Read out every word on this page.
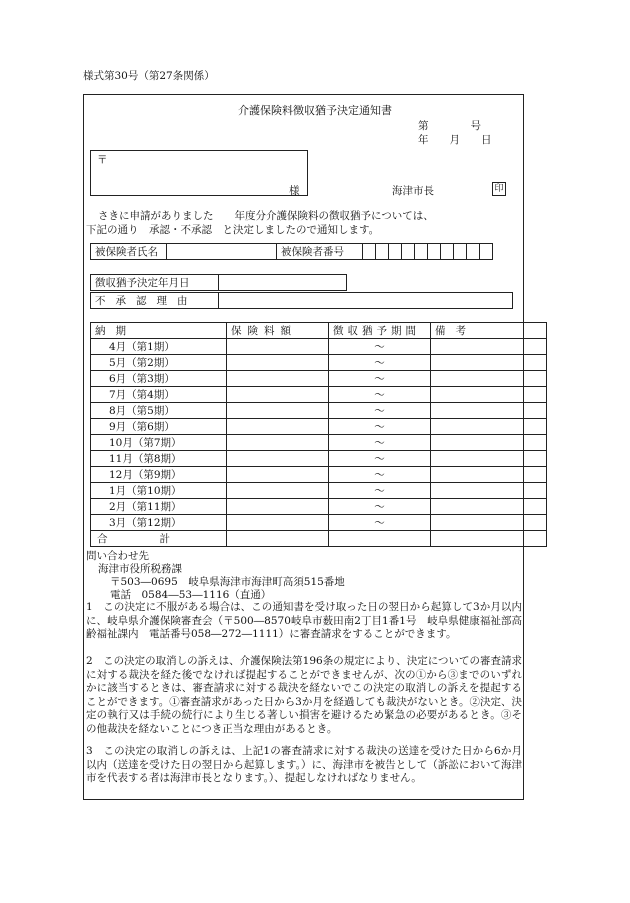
様式第30号（第27条関係）
介護保険料徴収猶予決定通知書
第　　　　号
年　　月　　日
〒
様	海津市長	印
さきに申請がありました　　年度分介護保険料の徴収猶予については、
下記の通り　承認・不承認　と決定しましたので通知します。
被保険者氏名		被保険者番号										
徴収猶予決定年月日	
不承認理由	
納期	保険料額	徴収猶予期間	備考
4月（第1期）		～	
5月（第2期）		～	
6月（第3期）		～	
7月（第4期）		～	
8月（第5期）		～	
9月（第6期）		～	
10月（第7期）		～	
11月（第8期）		～	
12月（第9期）		～	
1月（第10期）		～	
2月（第11期）		～	
3月（第12期）		～	
合計			
問い合わせ先
海津市役所税務課
〒503―0695　岐阜県海津市海津町高須515番地
電話　0584―53―1116（直通）
1　この決定に不服がある場合は、この通知書を受け取った日の翌日から起算して3か月以内に、岐阜県介護保険審査会（〒500―8570岐阜市薮田南2丁目1番1号　岐阜県健康福祉部高齢福祉課内　電話番号058―272―1111）に審査請求をすることができます。
2　この決定の取消しの訴えは、介護保険法第196条の規定により、決定についての審査請求に対する裁決を経た後でなければ提起することができませんが、次の①から③までのいずれかに該当するときは、審査請求に対する裁決を経ないでこの決定の取消しの訴えを提起することができます。①審査請求があった日から3か月を経過しても裁決がないとき。②決定、決定の執行又は手続の続行により生じる著しい損害を避けるため緊急の必要があるとき。③その他裁決を経ないことにつき正当な理由があるとき。
3　この決定の取消しの訴えは、上記1の審査請求に対する裁決の送達を受けた日から6か月以内（送達を受けた日の翌日から起算します。）に、海津市を被告として（訴訟において海津市を代表する者は海津市長となります。）、提起しなければなりません。
